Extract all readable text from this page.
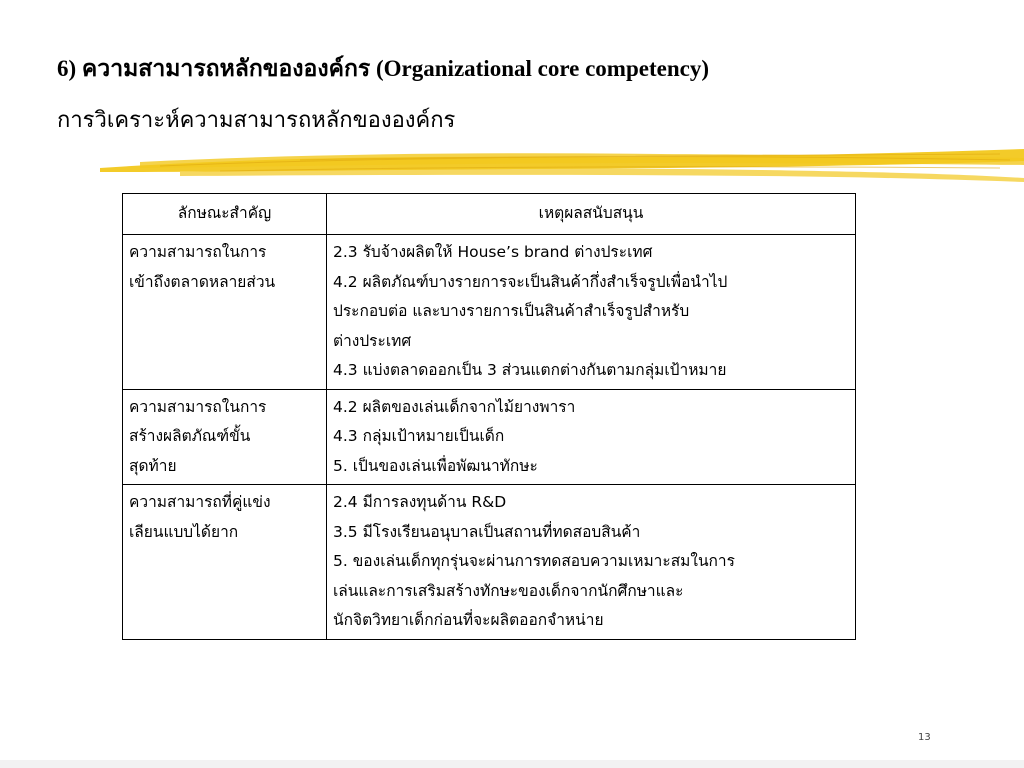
6) ความสามารถหลักขององค์กร (Organizational core competency)
การวิเคราะห์ความสามารถหลักขององค์กร
ลักษณะสำคัญ	เหตุผลสนับสนุน

ความสามารถในการ
เข้าถึงตลาดหลายส่วน	2.3 รับจ้างผลิตให้ House’s brand ต่างประเทศ
4.2 ผลิตภัณฑ์บางรายการจะเป็นสินค้ากึ่งสำเร็จรูปเพื่อนำไป
ประกอบต่อ และบางรายการเป็นสินค้าสำเร็จรูปสำหรับ
ต่างประเทศ
4.3 แบ่งตลาดออกเป็น 3 ส่วนแตกต่างกันตามกลุ่มเป้าหมาย

ความสามารถในการ
สร้างผลิตภัณฑ์ขั้น
สุดท้าย	4.2 ผลิตของเล่นเด็กจากไม้ยางพารา
4.3 กลุ่มเป้าหมายเป็นเด็ก
5. เป็นของเล่นเพื่อพัฒนาทักษะ

ความสามารถที่คู่แข่ง
เลียนแบบได้ยาก	2.4 มีการลงทุนด้าน R&D
3.5 มีโรงเรียนอนุบาลเป็นสถานที่ทดสอบสินค้า
5. ของเล่นเด็กทุกรุ่นจะผ่านการทดสอบความเหมาะสมในการ
เล่นและการเสริมสร้างทักษะของเด็กจากนักศึกษาและ
นักจิตวิทยาเด็กก่อนที่จะผลิตออกจำหน่าย
13
